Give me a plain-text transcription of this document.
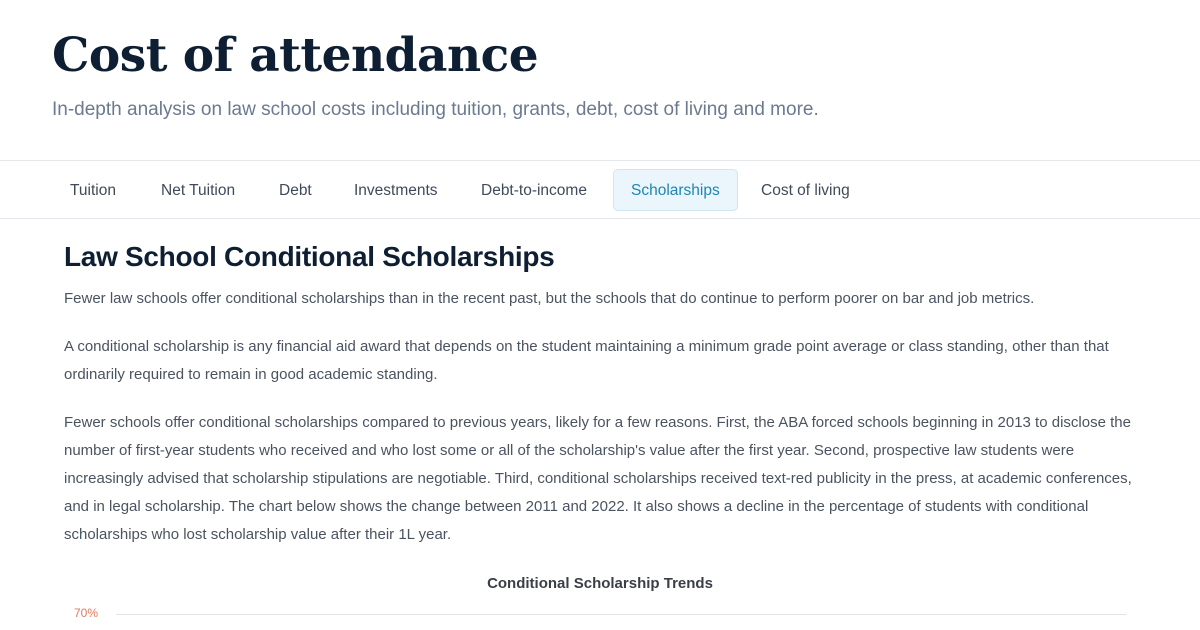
Cost of attendance

In-depth analysis on law school costs including tuition, grants, debt, cost of living and more.

Tuition	Net Tuition	Debt	Investments	Debt-to-income	Scholarships	Cost of living
Law School Conditional Scholarships

Fewer law schools offer conditional scholarships than in the recent past, but the schools that do continue to perform poorer on bar and job metrics.

A conditional scholarship is any financial aid award that depends on the student maintaining a minimum grade point average or class standing, other than that ordinarily required to remain in good academic standing.

Fewer schools offer conditional scholarships compared to previous years, likely for a few reasons. First, the ABA forced schools beginning in 2013 to disclose the number of first-year students who received and who lost some or all of the scholarship's value after the first year. Second, prospective law students were increasingly advised that scholarship stipulations are negotiable. Third, conditional scholarships received text-red publicity in the press, at academic conferences, and in legal scholarship. The chart below shows the change between 2011 and 2022. It also shows a decline in the percentage of students with conditional scholarships who lost scholarship value after their 1L year.

Conditional Scholarship Trends

70%
